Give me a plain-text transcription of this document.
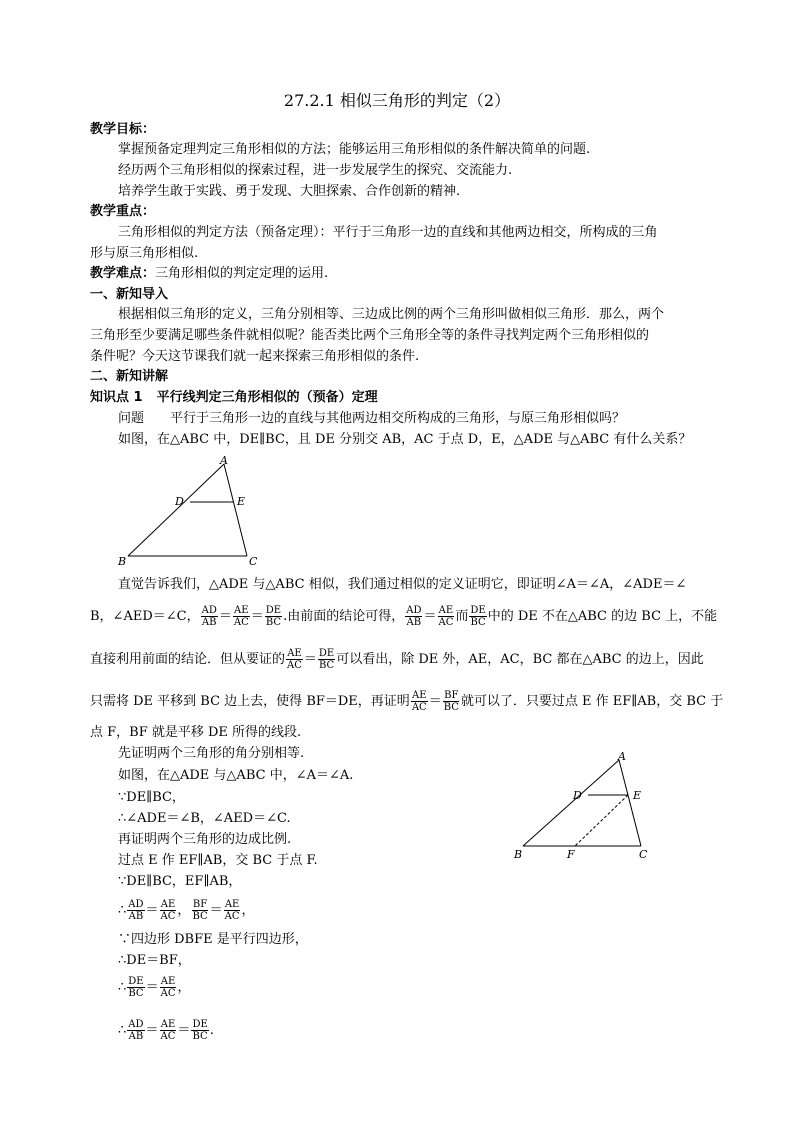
27.2.1 相似三角形的判定（2）
教学目标：
掌握预备定理判定三角形相似的方法；能够运用三角形相似的条件解决简单的问题.
经历两个三角形相似的探索过程，进一步发展学生的探究、交流能力.
培养学生敢于实践、勇于发现、大胆探索、合作创新的精神.
教学重点：
三角形相似的判定方法（预备定理）：平行于三角形一边的直线和其他两边相交，所构成的三角
形与原三角形相似.
教学难点：三角形相似的判定定理的运用.
一、新知导入
根据相似三角形的定义，三角分别相等、三边成比例的两个三角形叫做相似三角形．那么，两个
三角形至少要满足哪些条件就相似呢？能否类比两个三角形全等的条件寻找判定两个三角形相似的
条件呢？今天这节课我们就一起来探索三角形相似的条件.
二、新知讲解
知识点 1 平行线判定三角形相似的（预备）定理
问题 平行于三角形一边的直线与其他两边相交所构成的三角形，与原三角形相似吗？
如图，在△ABC 中，DE∥BC，且 DE 分别交 AB，AC 于点 D，E，△ADE 与△ABC 有什么关系？
A
D	E
B	C
直觉告诉我们，△ADE 与△ABC 相似，我们通过相似的定义证明它，即证明∠A＝∠A，∠ADE＝∠
B，∠AED＝∠C， $\frac{AD}{AB} = \frac{AE}{AC} = \frac{DE}{BC}$ .由前面的结论可得， $\frac{AD}{AB} = \frac{AE}{AC}$ 而 $\frac{DE}{BC}$ 中的 DE 不在△ABC 的边 BC 上，不能
直接利用前面的结论．但从要证的 $\frac{AE}{AC} = \frac{DE}{BC}$ 可以看出，除 DE 外，AE，AC，BC 都在△ABC 的边上，因此
只需将 DE 平移到 BC 边上去，使得 BF＝DE，再证明 $\frac{AE}{AC} = \frac{BF}{BC}$ 就可以了．只要过点 E 作 EF∥AB，交 BC 于
点 F，BF 就是平移 DE 所得的线段.
先证明两个三角形的角分别相等.
如图，在△ADE 与△ABC 中，∠A＝∠A.
∵DE∥BC，
∴∠ADE＝∠B，∠AED＝∠C.
再证明两个三角形的边成比例.
过点 E 作 EF∥AB，交 BC 于点 F.
∵DE∥BC，EF∥AB，
∴ $\frac{AD}{AB} = \frac{AE}{AC}$ ， $\frac{BF}{BC} = \frac{AE}{AC}$ ，
∵四边形 DBFE 是平行四边形，
∴DE＝BF，
∴ $\frac{DE}{BC} = \frac{AE}{AC}$ ，
∴ $\frac{AD}{AB} = \frac{AE}{AC} = \frac{DE}{BC}$ .
A
D	E
B	F	C
